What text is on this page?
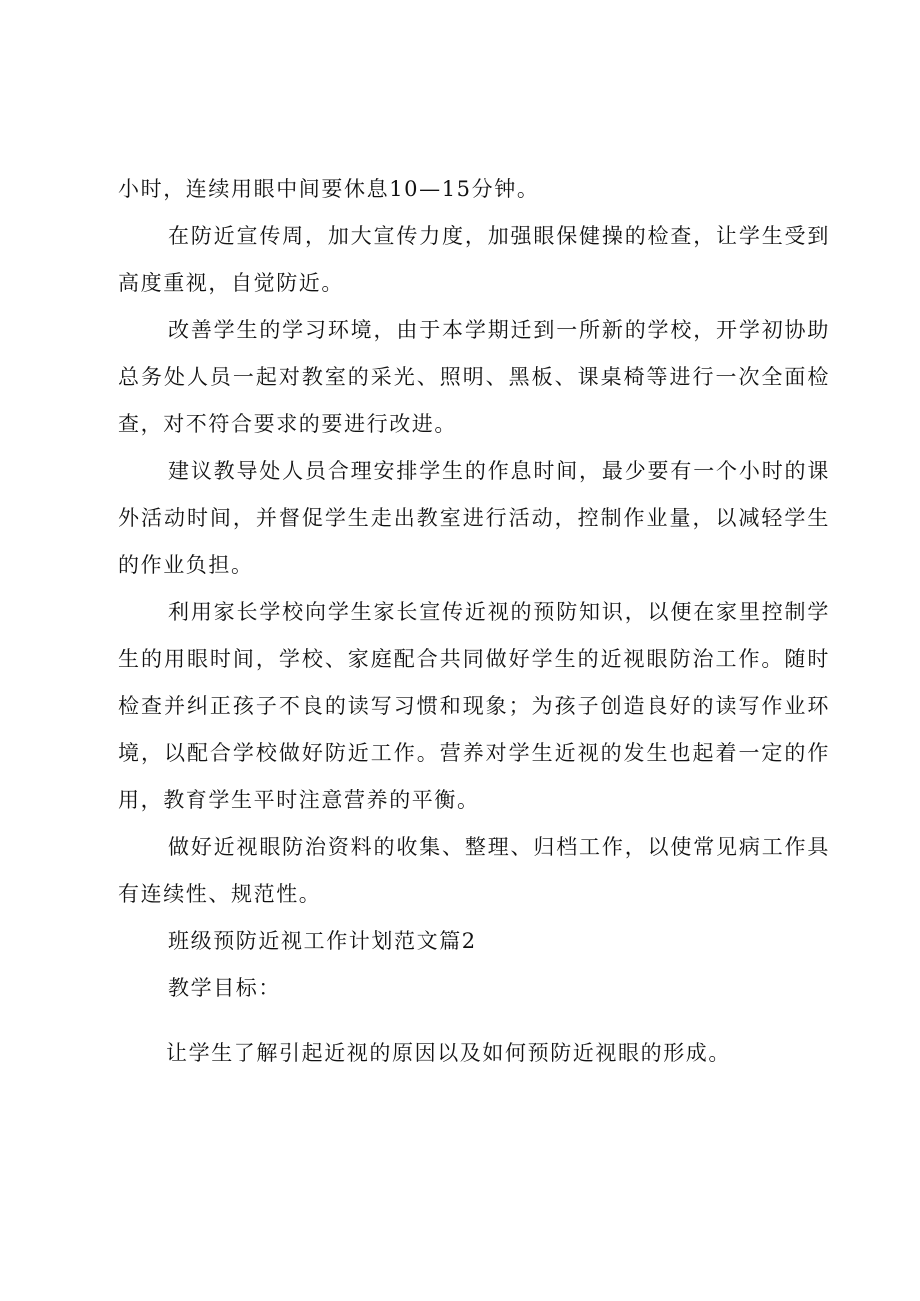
小时，连续用眼中间要休息10—15分钟。

在防近宣传周，加大宣传力度，加强眼保健操的检查，让学生受到高度重视，自觉防近。

改善学生的学习环境，由于本学期迁到一所新的学校，开学初协助总务处人员一起对教室的采光、照明、黑板、课桌椅等进行一次全面检查，对不符合要求的要进行改进。

建议教导处人员合理安排学生的作息时间，最少要有一个小时的课外活动时间，并督促学生走出教室进行活动，控制作业量，以减轻学生的作业负担。

利用家长学校向学生家长宣传近视的预防知识，以便在家里控制学生的用眼时间，学校、家庭配合共同做好学生的近视眼防治工作。随时检查并纠正孩子不良的读写习惯和现象；为孩子创造良好的读写作业环境，以配合学校做好防近工作。营养对学生近视的发生也起着一定的作用，教育学生平时注意营养的平衡。

做好近视眼防治资料的收集、整理、归档工作，以使常见病工作具有连续性、规范性。

班级预防近视工作计划范文篇2

教学目标：

让学生了解引起近视的原因以及如何预防近视眼的形成。
